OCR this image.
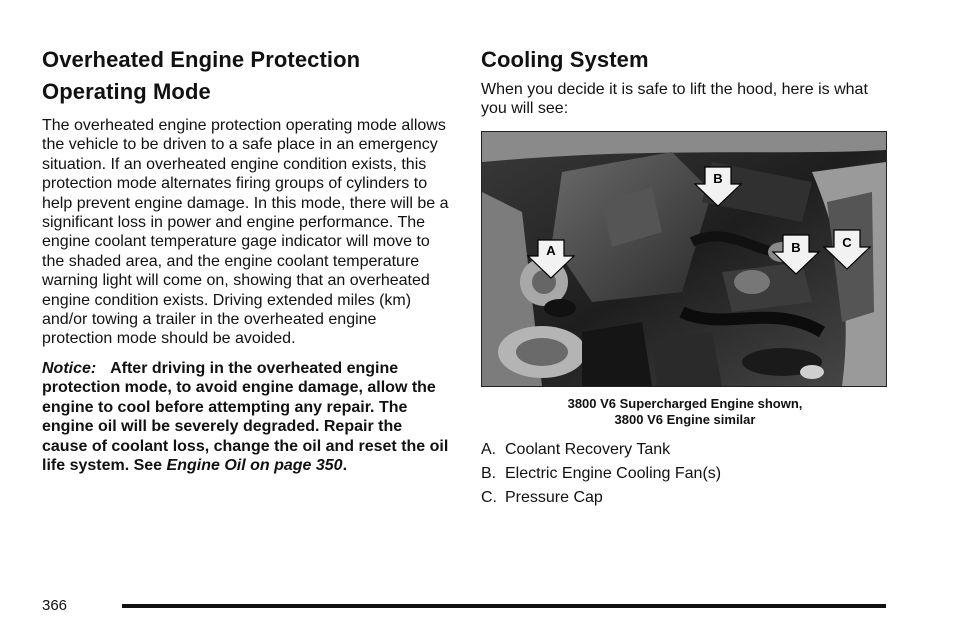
Overheated Engine Protection
Operating Mode

The overheated engine protection operating mode allows the vehicle to be driven to a safe place in an emergency situation. If an overheated engine condition exists, this protection mode alternates firing groups of cylinders to help prevent engine damage. In this mode, there will be a significant loss in power and engine performance. The engine coolant temperature gage indicator will move to the shaded area, and the engine coolant temperature warning light will come on, showing that an overheated engine condition exists. Driving extended miles (km) and/or towing a trailer in the overheated engine protection mode should be avoided.

Notice: After driving in the overheated engine protection mode, to avoid engine damage, allow the engine to cool before attempting any repair. The engine oil will be severely degraded. Repair the cause of coolant loss, change the oil and reset the oil life system. See Engine Oil on page 350.

Cooling System

When you decide it is safe to lift the hood, here is what you will see:

A
B
B	C
3800 V6 Supercharged Engine shown,
3800 V6 Engine similar
A. Coolant Recovery Tank
B. Electric Engine Cooling Fan(s)
C. Pressure Cap
366
